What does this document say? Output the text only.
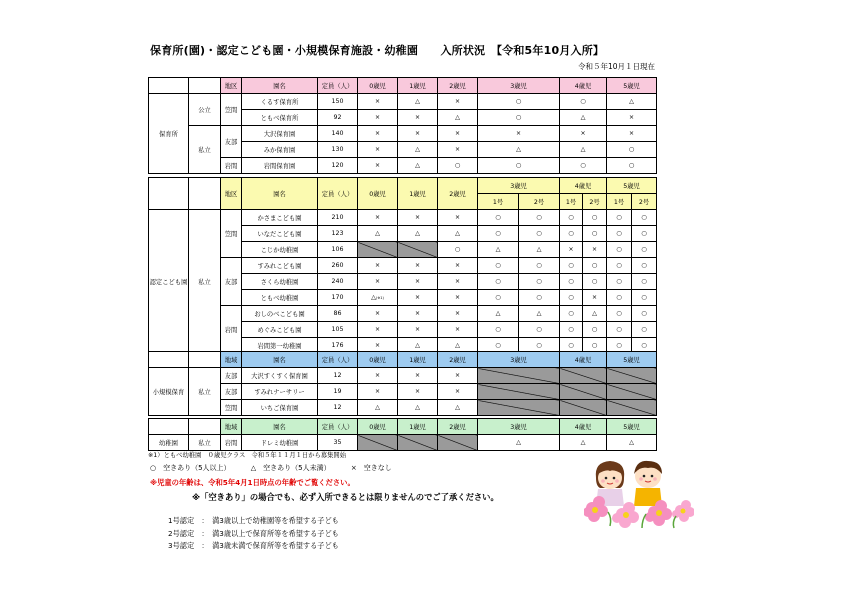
保育所(園)・認定こども園・小規模保育施設・幼稚園　　入所状況　【令和5年10月入所】
令和５年10月１日現在
		地区	園名	定員（人）	0歳児	1歳児	2歳児	3歳児	4歳児	5歳児
保育所	公立	笠間	くるす保育所	150	×	△	×	○	○	△
			ともべ保育所	92	×	×	△	○	△	×
	私立	友部	大沢保育園	140	×	×	×	×	×	×
			みか保育園	130	×	△	×	△	△	○
		岩間	岩間保育園	120	×	△	○	○	○	○
		地区	園名	定員（人）	0歳児	1歳児	2歳児	3歳児		4歳児		5歳児	
								1号	2号	1号	2号	1号	2号
認定こども園	私立	笠間	かさまこども園	210	×	×	×	○	○	○	○	○	○
			いなだこども園	123	△	△	△	○	○	○	○	○	○
			こじか幼稚園	106			○	△	△	×	×	○	○
		友部	すみれこども園	260	×	×	×	○	○	○	○	○	○
			さくら幼稚園	240	×	×	×	○	○	○	○	○	○
			ともべ幼稚園	170	△(※1)	×	×	○	○	○	×	○	○
		岩間	おしのべこども園	86	×	×	×	△	△	○	△	○	○
			めぐみこども園	105	×	×	×	○	○	○	○	○	○
			岩間第一幼稚園	176	×	△	△	○	○	○	○	○	○
		地域	園名	定員（人）	0歳児	1歳児	2歳児	3歳児	4歳児	5歳児
小規模保育	私立	友部	大沢すくすく保育園	12	×	×	×			
		友部	すみれナーサリー	19	×	×	×			
		笠間	いちご保育園	12	△	△	△			
		地域	園名	定員（人）	0歳児	1歳児	2歳児	3歳児	4歳児	5歳児
幼稚園	私立	岩間	ドレミ幼稚園	35				△	△	△
※1）ともべ幼稚園　０歳児クラス　令和５年１１月１日から募集開始
○　空きあり（5人以上）	△　空きあり（5人未満）	×　空きなし
※児童の年齢は、令和5年4月1日時点の年齢でご覧ください。
※「空きあり」の場合でも、必ず入所できるとは限りませんのでご了承ください。
1号認定　：　満3歳以上で幼稚園等を希望する子ども
2号認定　：　満3歳以上で保育所等を希望する子ども
3号認定　：　満3歳未満で保育所等を希望する子ども
